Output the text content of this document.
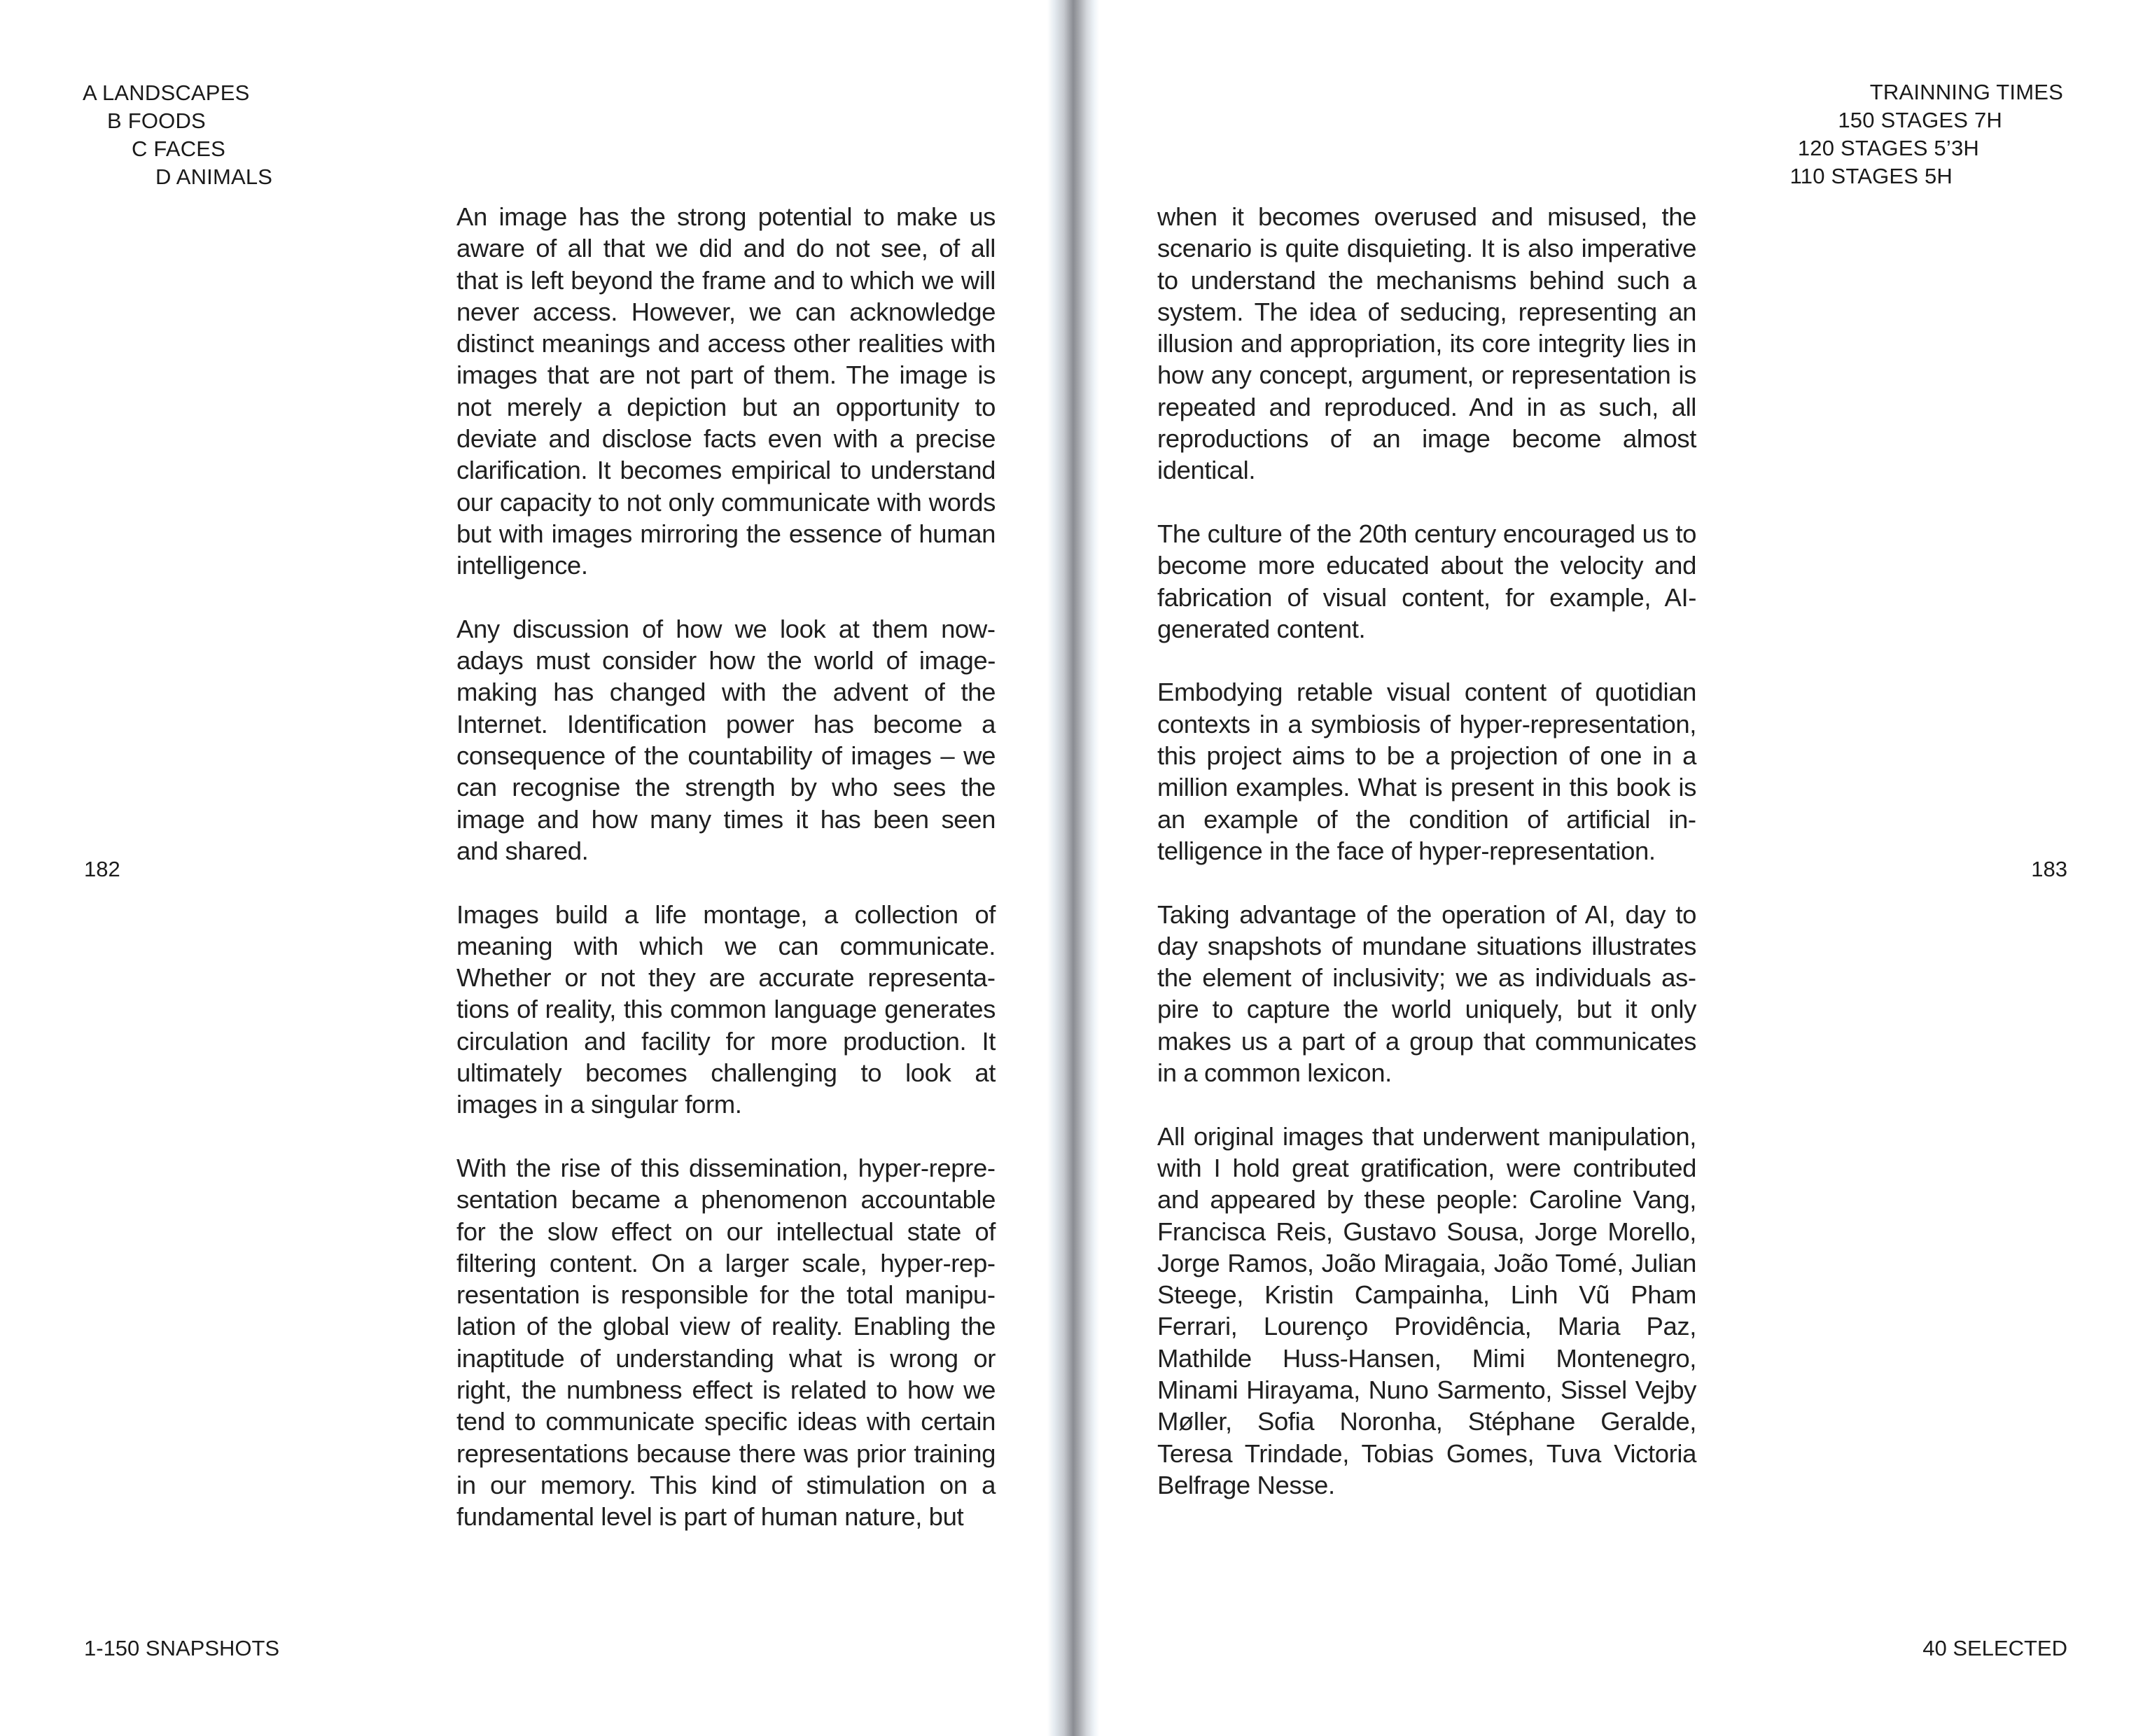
A LANDSCAPES
B FOODS
C FACES
D ANIMALS

An image has the strong potential to make us aware of all that we did and do not see, of all that is left beyond the frame and to which we will never access. However, we can acknowledge distinct meanings and access other realities with images that are not part of them. The image is not merely a depiction but an opportunity to deviate and disclose facts even with a precise clarification. It becomes empirical to understand our capacity to not only communicate with words but with images mirroring the essence of human intelligence.

Any discussion of how we look at them nowadays must consider how the world of image-making has changed with the advent of the Internet. Identification power has become a consequence of the countability of images – we can recognise the strength by who sees the image and how many times it has been seen and shared.

Images build a life montage, a collection of meaning with which we can communicate. Whether or not they are accurate representations of reality, this common language generates circulation and facility for more production. It ultimately becomes challenging to look at images in a singular form.

With the rise of this dissemination, hyper-representation became a phenomenon accountable for the slow effect on our intellectual state of filtering content. On a larger scale, hyper-representation is responsible for the total manipulation of the global view of reality. Enabling the inaptitude of understanding what is wrong or right, the numbness effect is related to how we tend to communicate specific ideas with certain representations because there was prior training in our memory. This kind of stimulation on a fundamental level is part of human nature, but

182
1-150 SNAPSHOTS
TRAINNING TIMES
150 STAGES 7H
120 STAGES 5’3H
110 STAGES 5H

when it becomes overused and misused, the scenario is quite disquieting. It is also imperative to understand the mechanisms behind such a system. The idea of seducing, representing an illusion and appropriation, its core integrity lies in how any concept, argument, or representation is repeated and reproduced. And in as such, all reproductions of an image become almost identical.

The culture of the 20th century encouraged us to become more educated about the velocity and fabrication of visual content, for example, AI-generated content.

Embodying retable visual content of quotidian contexts in a symbiosis of hyper-representation, this project aims to be a projection of one in a million examples. What is present in this book is an example of the condition of artificial intelligence in the face of hyper-representation.

Taking advantage of the operation of AI, day to day snapshots of mundane situations illustrates the element of inclusivity; we as individuals aspire to capture the world uniquely, but it only makes us a part of a group that communicates in a common lexicon.

All original images that underwent manipulation, with I hold great gratification, were contributed and appeared by these people: Caroline Vang, Francisca Reis, Gustavo Sousa, Jorge Morello, Jorge Ramos, João Miragaia, João Tomé, Julian Steege, Kristin Campainha, Linh Vũ Pham Ferrari, Lourenço Providência, Maria Paz, Mathilde Huss-Hansen, Mimi Montenegro, Minami Hirayama, Nuno Sarmento, Sissel Vejby Møller, Sofia Noronha, Stéphane Geralde, Teresa Trindade, Tobias Gomes, Tuva Victoria Belfrage Nesse.

183
40 SELECTED
